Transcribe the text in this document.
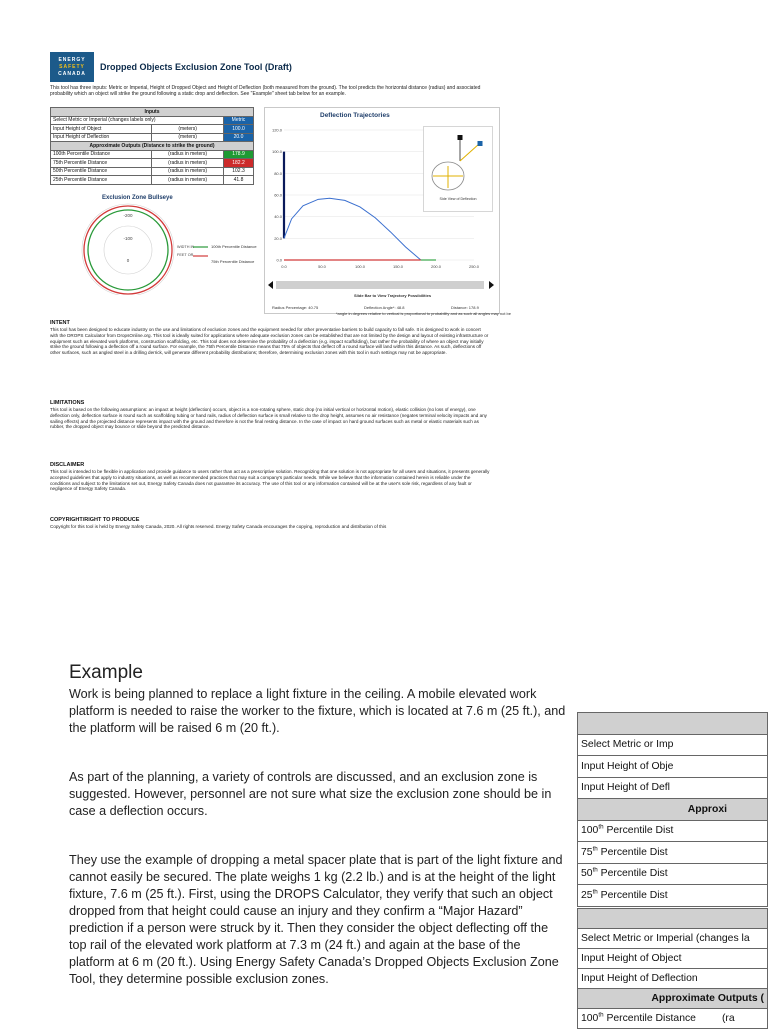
ENERGY
SAFETY
CANADA
Dropped Objects Exclusion Zone Tool (Draft)
This tool has three inputs: Metric or Imperial, Height of Dropped Object and Height of Deflection (both measured from the ground). The tool predicts the horizontal distance (radius) and associated probability which an object will strike the ground following a static drop and deflection. See "Example" sheet tab below for an example.
Inputs		
Select Metric or Imperial (changes labels only)		Metric
Input Height of Object	(meters)	100.0
Input Height of Deflection	(meters)	20.0
Approximate Outputs (Distance to strike the ground)		
100th Percentile Distance	(radius in meters)	178.9
75th Percentile Distance	(radius in meters)	182.2
50th Percentile Distance	(radius in meters)	102.3
25th Percentile Distance	(radius in meters)	41.8
Exclusion Zone Bullseye
-200
-100
0
WIDTH IN
FEET OR
100th Percentile Distance
75th Percentile Distance
Deflection Trajectories
0.0
20.0
40.0
60.0
80.0
100.0
120.0
0.0	50.0	100.0	150.0	200.0	250.0
Side View of Deflection
Slide Bar to View Trajectory Possibilities
Radius Percentage: 40.75	Deflection Angle*: 48.8	Distance: 178.9
*angle in degrees relative to vertical is proportional to probability and as such all angles may not be
INTENT
This tool has been designed to educate industry on the use and limitations of exclusion zones and the equipment needed for other preventative barriers to build capacity to fall safe. It is designed to work in concert with the DROPS Calculator from DropsOnline.org. This tool is ideally suited for applications where adequate exclusion zones can be established that are not limited by the design and layout of existing infrastructure or equipment such as elevated work platforms, construction scaffolding, etc. This tool does not determine the probability of a deflection (e.g. impact scaffolding), but rather the probability of where an object may initially strike the ground following a deflection off a round surface. For example, the 75th Percentile Distance means that 75% of objects that deflect off a round surface will land within this distance. As such, deflections off other surfaces, such as angled steel in a drilling derrick, will generate different probability distributions; therefore, determining exclusion zones with this tool in such settings may not be appropriate.
LIMITATIONS
This tool is based on the following assumptions: an impact at height (deflection) occurs, object is a non-rotating sphere, static drop (no initial vertical or horizontal motion), elastic collision (no loss of energy), one deflection only, deflection surface is round such as scaffolding tubing or hand rails, radius of deflection surface is small relative to the drop height, assumes no air resistance (negates terminal velocity impacts and any sailing effects) and the projected distance represents impact with the ground and therefore is not the final resting distance. In the case of impact on hard ground surfaces such as metal or elastic materials such as rubber, the dropped object may bounce or slide beyond the predicted distance.
DISCLAIMER
This tool is intended to be flexible in application and provide guidance to users rather than act as a prescriptive solution. Recognizing that one solution is not appropriate for all users and situations, it presents generally accepted guidelines that apply to industry situations, as well as recommended practices that may suit a company's particular needs. While we believe that the information contained herein is reliable under the conditions and subject to the limitations set out, Energy Safety Canada does not guarantee its accuracy. The use of this tool or any information contained will be at the user's sole risk, regardless of any fault or negligence of Energy Safety Canada.
COPYRIGHT/RIGHT TO PRODUCE
Copyright for this tool is held by Energy Safety Canada, 2020. All rights reserved. Energy Safety Canada encourages the copying, reproduction and distribution of this
Example
Work is being planned to replace a light fixture in the ceiling. A mobile elevated work platform is needed to raise the worker to the fixture, which is located at 7.6 m (25 ft.), and the platform will be raised 6 m (20 ft.).
As part of the planning, a variety of controls are discussed, and an exclusion zone is suggested. However, personnel are not sure what size the exclusion zone should be in case a deflection occurs.
They use the example of dropping a metal spacer plate that is part of the light fixture and cannot easily be secured. The plate weighs 1 kg (2.2 lb.) and is at the height of the light fixture, 7.6 m (25 ft.). First, using the DROPS Calculator, they verify that such an object dropped from that height could cause an injury and they confirm a “Major Hazard” prediction if a person were struck by it. Then they consider the object deflecting off the top rail of the elevated work platform at 7.3 m (24 ft.) and again at the base of the platform at 6 m (20 ft.). Using Energy Safety Canada’s Dropped Objects Exclusion Zone Tool, they determine possible exclusion zones.

Select Metric or Imp
Input Height of Obje
Input Height of Defl
Approxi
100th Percentile Dist
75th Percentile Dist
50th Percentile Dist
25th Percentile Dist

Select Metric or Imperial (changes la
Input Height of Object
Input Height of Deflection
Approximate Outputs (
100th Percentile Distance (ra
